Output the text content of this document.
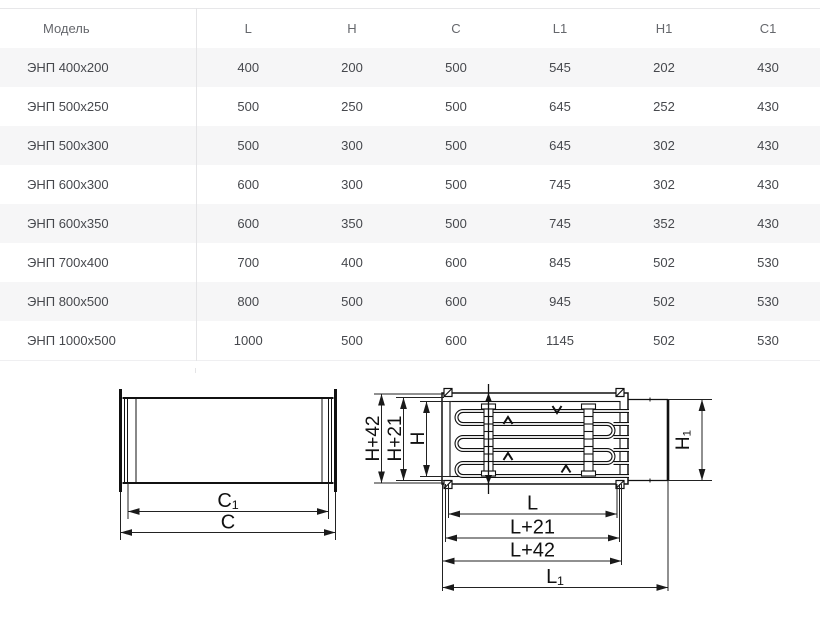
Модель	L	H	C	L1	H1	C1
ЭНП 400x200	400	200	500	545	202	430
ЭНП 500x250	500	250	500	645	252	430
ЭНП 500x300	500	300	500	645	302	430
ЭНП 600x300	600	300	500	745	302	430
ЭНП 600x350	600	350	500	745	352	430
ЭНП 700x400	700	400	600	845	502	530
ЭНП 800x500	800	500	600	945	502	530
ЭНП 1000x500	1000	500	600	1145	502	530
C₁
C
H+42 H+21 H	H₁
L
L+21
L+42
L₁
